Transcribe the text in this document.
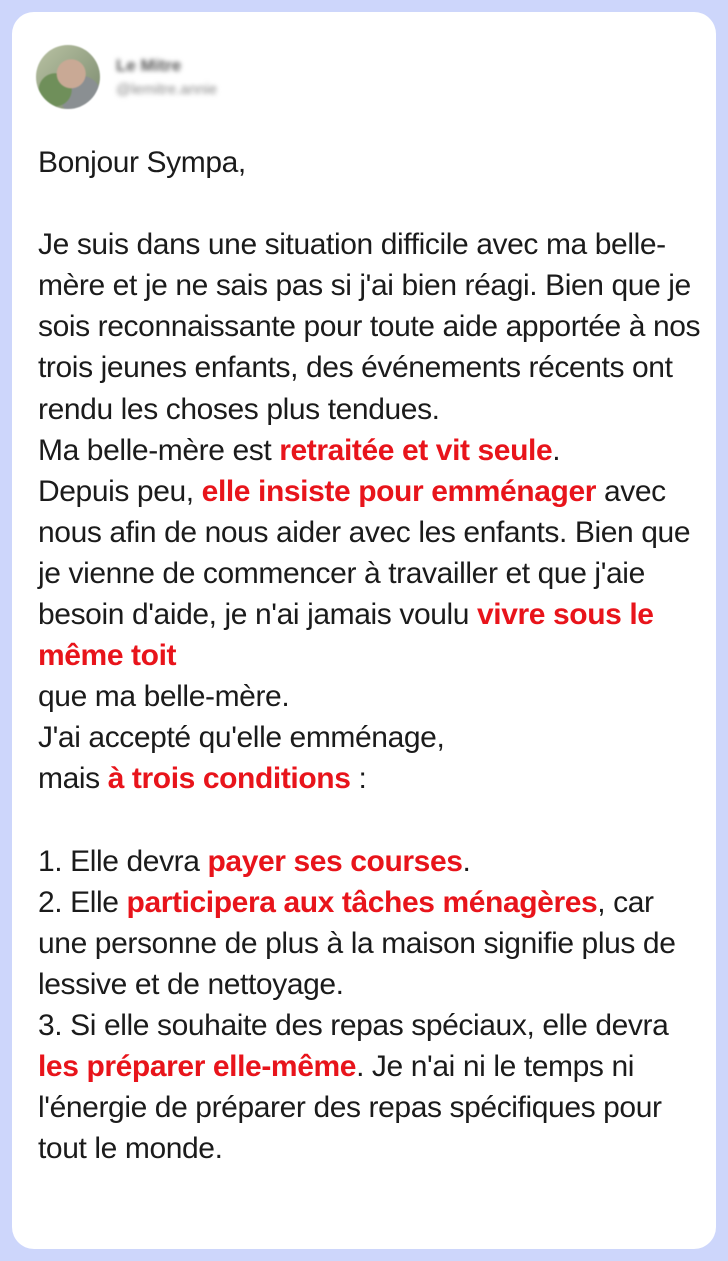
Le Mitre
@lemitre.annie

Bonjour Sympa,

Je suis dans une situation difficile avec ma belle-mère et je ne sais pas si j'ai bien réagi. Bien que je sois reconnaissante pour toute aide apportée à nos trois jeunes enfants, des événements récents ont rendu les choses plus tendues.

Ma belle-mère est retraitée et vit seule.

Depuis peu, elle insiste pour emménager avec nous afin de nous aider avec les enfants. Bien que je vienne de commencer à travailler et que j'aie besoin d'aide, je n'ai jamais voulu vivre sous le même toit
que ma belle-mère.

J'ai accepté qu'elle emménage,

mais à trois conditions :

1. Elle devra payer ses courses.

2. Elle participera aux tâches ménagères, car une personne de plus à la maison signifie plus de lessive et de nettoyage.

3. Si elle souhaite des repas spéciaux, elle devra les préparer elle-même. Je n'ai ni le temps ni l'énergie de préparer des repas spécifiques pour tout le monde.
